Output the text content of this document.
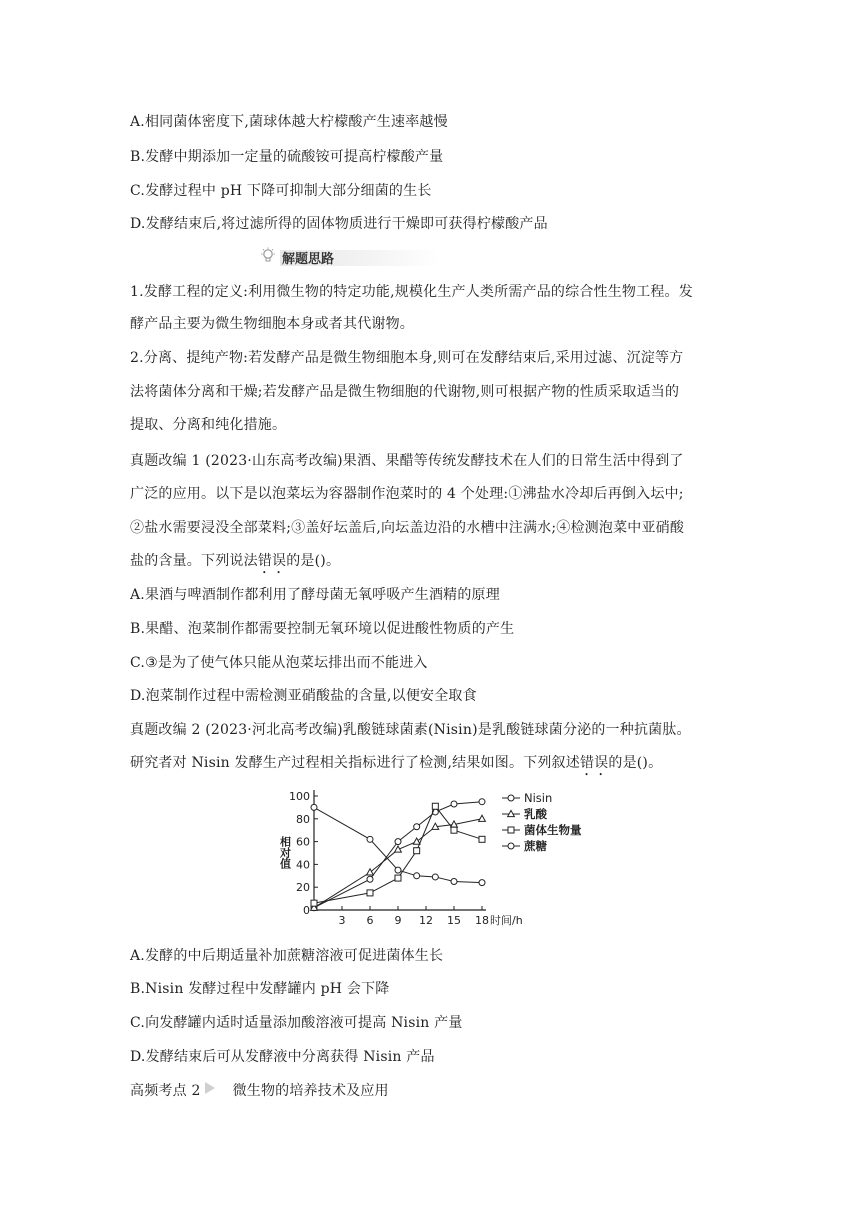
A.相同菌体密度下,菌球体越大柠檬酸产生速率越慢
B.发酵中期添加一定量的硫酸铵可提高柠檬酸产量
C.发酵过程中 pH 下降可抑制大部分细菌的生长
D.发酵结束后,将过滤所得的固体物质进行干燥即可获得柠檬酸产品
解题思路
1.发酵工程的定义:利用微生物的特定功能,规模化生产人类所需产品的综合性生物工程。发
酵产品主要为微生物细胞本身或者其代谢物。
2.分离、提纯产物:若发酵产品是微生物细胞本身,则可在发酵结束后,采用过滤、沉淀等方
法将菌体分离和干燥;若发酵产品是微生物细胞的代谢物,则可根据产物的性质采取适当的
提取、分离和纯化措施。
真题改编 1 (2023·山东高考改编)果酒、果醋等传统发酵技术在人们的日常生活中得到了
广泛的应用。以下是以泡菜坛为容器制作泡菜时的 4 个处理:①沸盐水冷却后再倒入坛中;
②盐水需要浸没全部菜料;③盖好坛盖后,向坛盖边沿的水槽中注满水;④检测泡菜中亚硝酸
盐的含量。下列说法错误的是()。
A.果酒与啤酒制作都利用了酵母菌无氧呼吸产生酒精的原理
B.果醋、泡菜制作都需要控制无氧环境以促进酸性物质的产生
C.③是为了使气体只能从泡菜坛排出而不能进入
D.泡菜制作过程中需检测亚硝酸盐的含量,以便安全取食
真题改编 2 (2023·河北高考改编)乳酸链球菌素(Nisin)是乳酸链球菌分泌的一种抗菌肽。
研究者对 Nisin 发酵生产过程相关指标进行了检测,结果如图。下列叙述错误的是()。
0
20
40
60
80
100
3 6 9 12 15 18 时间/h
相对值
Nisin
乳酸
菌体生物量
蔗糖
A.发酵的中后期适量补加蔗糖溶液可促进菌体生长
B.Nisin 发酵过程中发酵罐内 pH 会下降
C.向发酵罐内适时适量添加酸溶液可提高 Nisin 产量
D.发酵结束后可从发酵液中分离获得 Nisin 产品
高频考点 2 微生物的培养技术及应用
